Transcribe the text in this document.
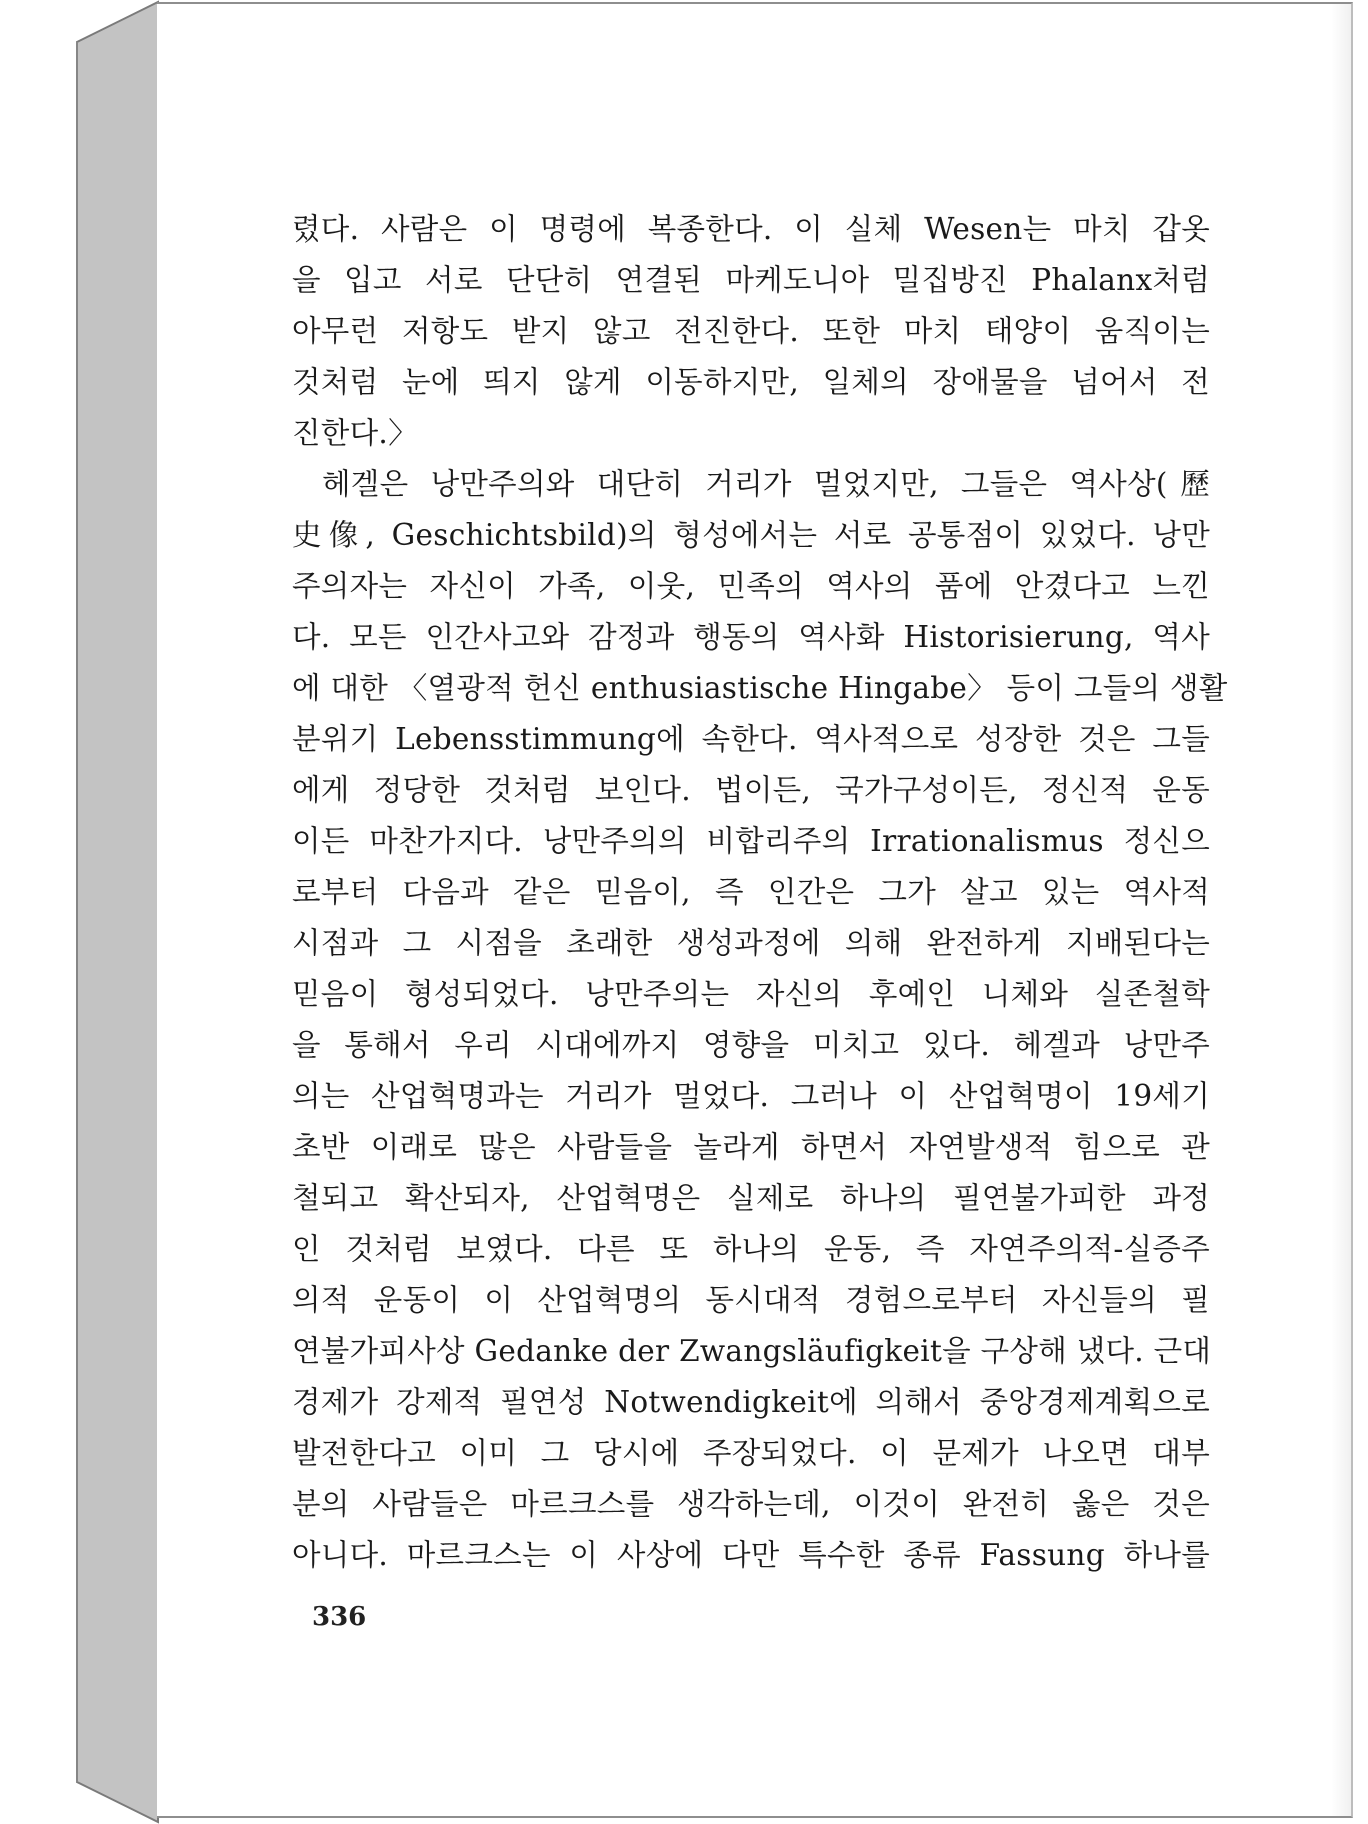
렸다. 사람은 이 명령에 복종한다. 이 실체 Wesen는 마치 갑옷
을 입고 서로 단단히 연결된 마케도니아 밀집방진 Phalanx처럼
아무런 저항도 받지 않고 전진한다. 또한 마치 태양이 움직이는
것처럼 눈에 띄지 않게 이동하지만, 일체의 장애물을 넘어서 전
진한다.〉
헤겔은 낭만주의와 대단히 거리가 멀었지만, 그들은 역사상(歷
史像, Geschichtsbild)의 형성에서는 서로 공통점이 있었다. 낭만
주의자는 자신이 가족, 이웃, 민족의 역사의 품에 안겼다고 느낀
다. 모든 인간사고와 감정과 행동의 역사화 Historisierung, 역사
에 대한 〈열광적 헌신 enthusiastische Hingabe〉 등이 그들의 생활
분위기 Lebensstimmung에 속한다. 역사적으로 성장한 것은 그들
에게 정당한 것처럼 보인다. 법이든, 국가구성이든, 정신적 운동
이든 마찬가지다. 낭만주의의 비합리주의 Irrationalismus 정신으
로부터 다음과 같은 믿음이, 즉 인간은 그가 살고 있는 역사적
시점과 그 시점을 초래한 생성과정에 의해 완전하게 지배된다는
믿음이 형성되었다. 낭만주의는 자신의 후예인 니체와 실존철학
을 통해서 우리 시대에까지 영향을 미치고 있다. 헤겔과 낭만주
의는 산업혁명과는 거리가 멀었다. 그러나 이 산업혁명이 19세기
초반 이래로 많은 사람들을 놀라게 하면서 자연발생적 힘으로 관
철되고 확산되자, 산업혁명은 실제로 하나의 필연불가피한 과정
인 것처럼 보였다. 다른 또 하나의 운동, 즉 자연주의적-실증주
의적 운동이 이 산업혁명의 동시대적 경험으로부터 자신들의 필
연불가피사상 Gedanke der Zwangsläufigkeit을 구상해 냈다. 근대
경제가 강제적 필연성 Notwendigkeit에 의해서 중앙경제계획으로
발전한다고 이미 그 당시에 주장되었다. 이 문제가 나오면 대부
분의 사람들은 마르크스를 생각하는데, 이것이 완전히 옳은 것은
아니다. 마르크스는 이 사상에 다만 특수한 종류 Fassung 하나를
336
